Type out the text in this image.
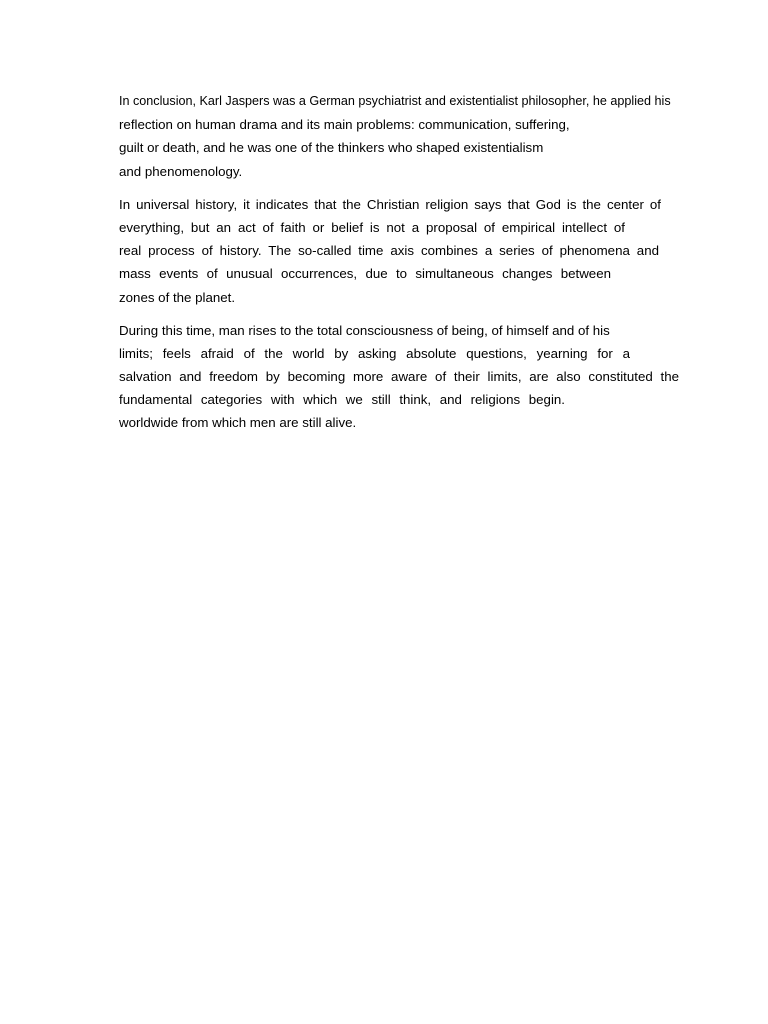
In conclusion, Karl Jaspers was a German psychiatrist and existentialist philosopher, he applied his
reflection on human drama and its main problems: communication, suffering,
guilt or death, and he was one of the thinkers who shaped existentialism
and phenomenology.

In universal history, it indicates that the Christian religion says that God is the center of
everything, but an act of faith or belief is not a proposal of empirical intellect of
real process of history. The so-called time axis combines a series of phenomena and
mass events of unusual occurrences, due to simultaneous changes between
zones of the planet.

During this time, man rises to the total consciousness of being, of himself and of his
limits; feels afraid of the world by asking absolute questions, yearning for a
salvation and freedom by becoming more aware of their limits, are also constituted the
fundamental categories with which we still think, and religions begin.
worldwide from which men are still alive.
